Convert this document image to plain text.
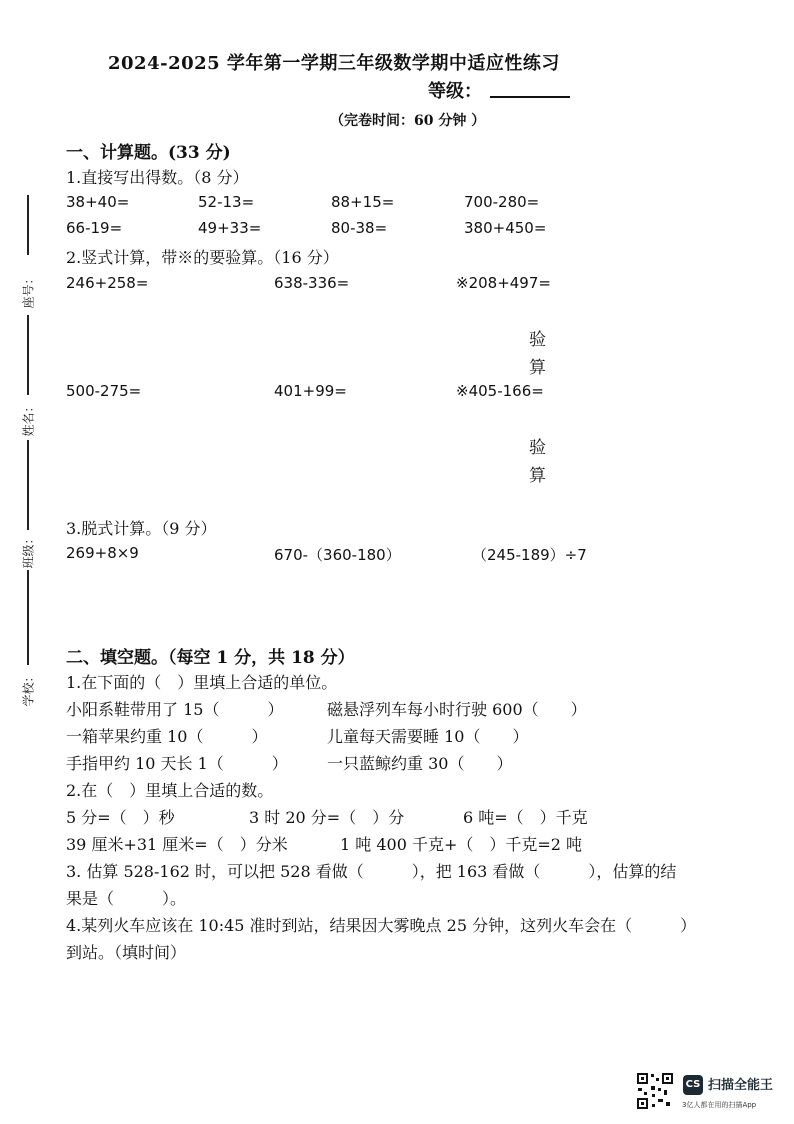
2024-2025 学年第一学期三年级数学期中适应性练习
等级：
（完卷时间：60 分钟 ）
座号：
姓名：
班级：
学校：
一、计算题。(33 分)
1.直接写出得数。（8 分）
38+40=	52-13=	88+15=	700-280=
66-19=	49+33=	80-38=	380+450=
2.竖式计算，带※的要验算。（16 分）
246+258=	638-336=	※208+497=
验
算
500-275=	401+99=	※405-166=
验
算
3.脱式计算。（9 分）
269+8×9	670-（360-180）	（245-189）÷7
二、填空题。（每空 1 分，共 18 分）
1.在下面的（　）里填上合适的单位。
小阳系鞋带用了 15（　　　）	磁悬浮列车每小时行驶 600（　　）
一箱苹果约重 10（　　　）	儿童每天需要睡 10（　　）
手指甲约 10 天长 1（　　　） 一只蓝鲸约重 30（　　）
2.在（　）里填上合适的数。
5 分=（　）秒	3 时 20 分=（　）分	6 吨=（　）千克
39 厘米+31 厘米=（　）分米	1 吨 400 千克+（　）千克=2 吨
3. 估算 528-162 时，可以把 528 看做（　　　），把 163 看做（　　　），估算的结
果是（　　　）。
4.某列火车应该在 10:45 准时到站，结果因大雾晚点 25 分钟，这列火车会在（　　　）
到站。（填时间）
CS 扫描全能王
3亿人都在用的扫描App
